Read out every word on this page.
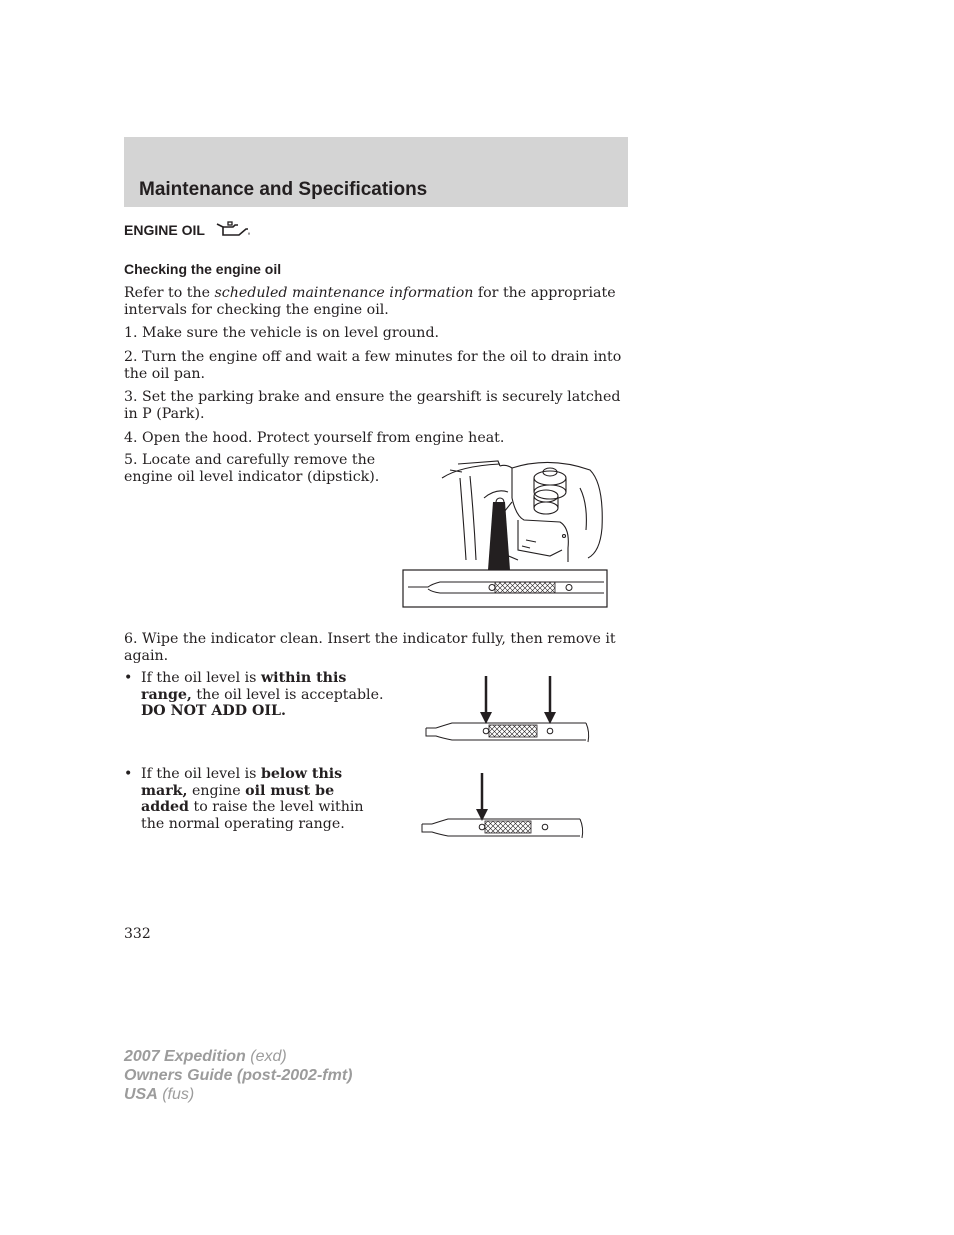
Maintenance and Specifications
ENGINE OIL
Checking the engine oil

Refer to the scheduled maintenance information for the appropriate intervals for checking the engine oil.

1. Make sure the vehicle is on level ground.

2. Turn the engine off and wait a few minutes for the oil to drain into the oil pan.

3. Set the parking brake and ensure the gearshift is securely latched in P (Park).

4. Open the hood. Protect yourself from engine heat.

5. Locate and carefully remove the engine oil level indicator (dipstick).

6. Wipe the indicator clean. Insert the indicator fully, then remove it again.

• If the oil level is within this range, the oil level is acceptable. DO NOT ADD OIL.
• If the oil level is below this mark, engine oil must be added to raise the level within the normal operating range.
332
2007 Expedition (exd)
Owners Guide (post-2002-fmt)
USA (fus)
